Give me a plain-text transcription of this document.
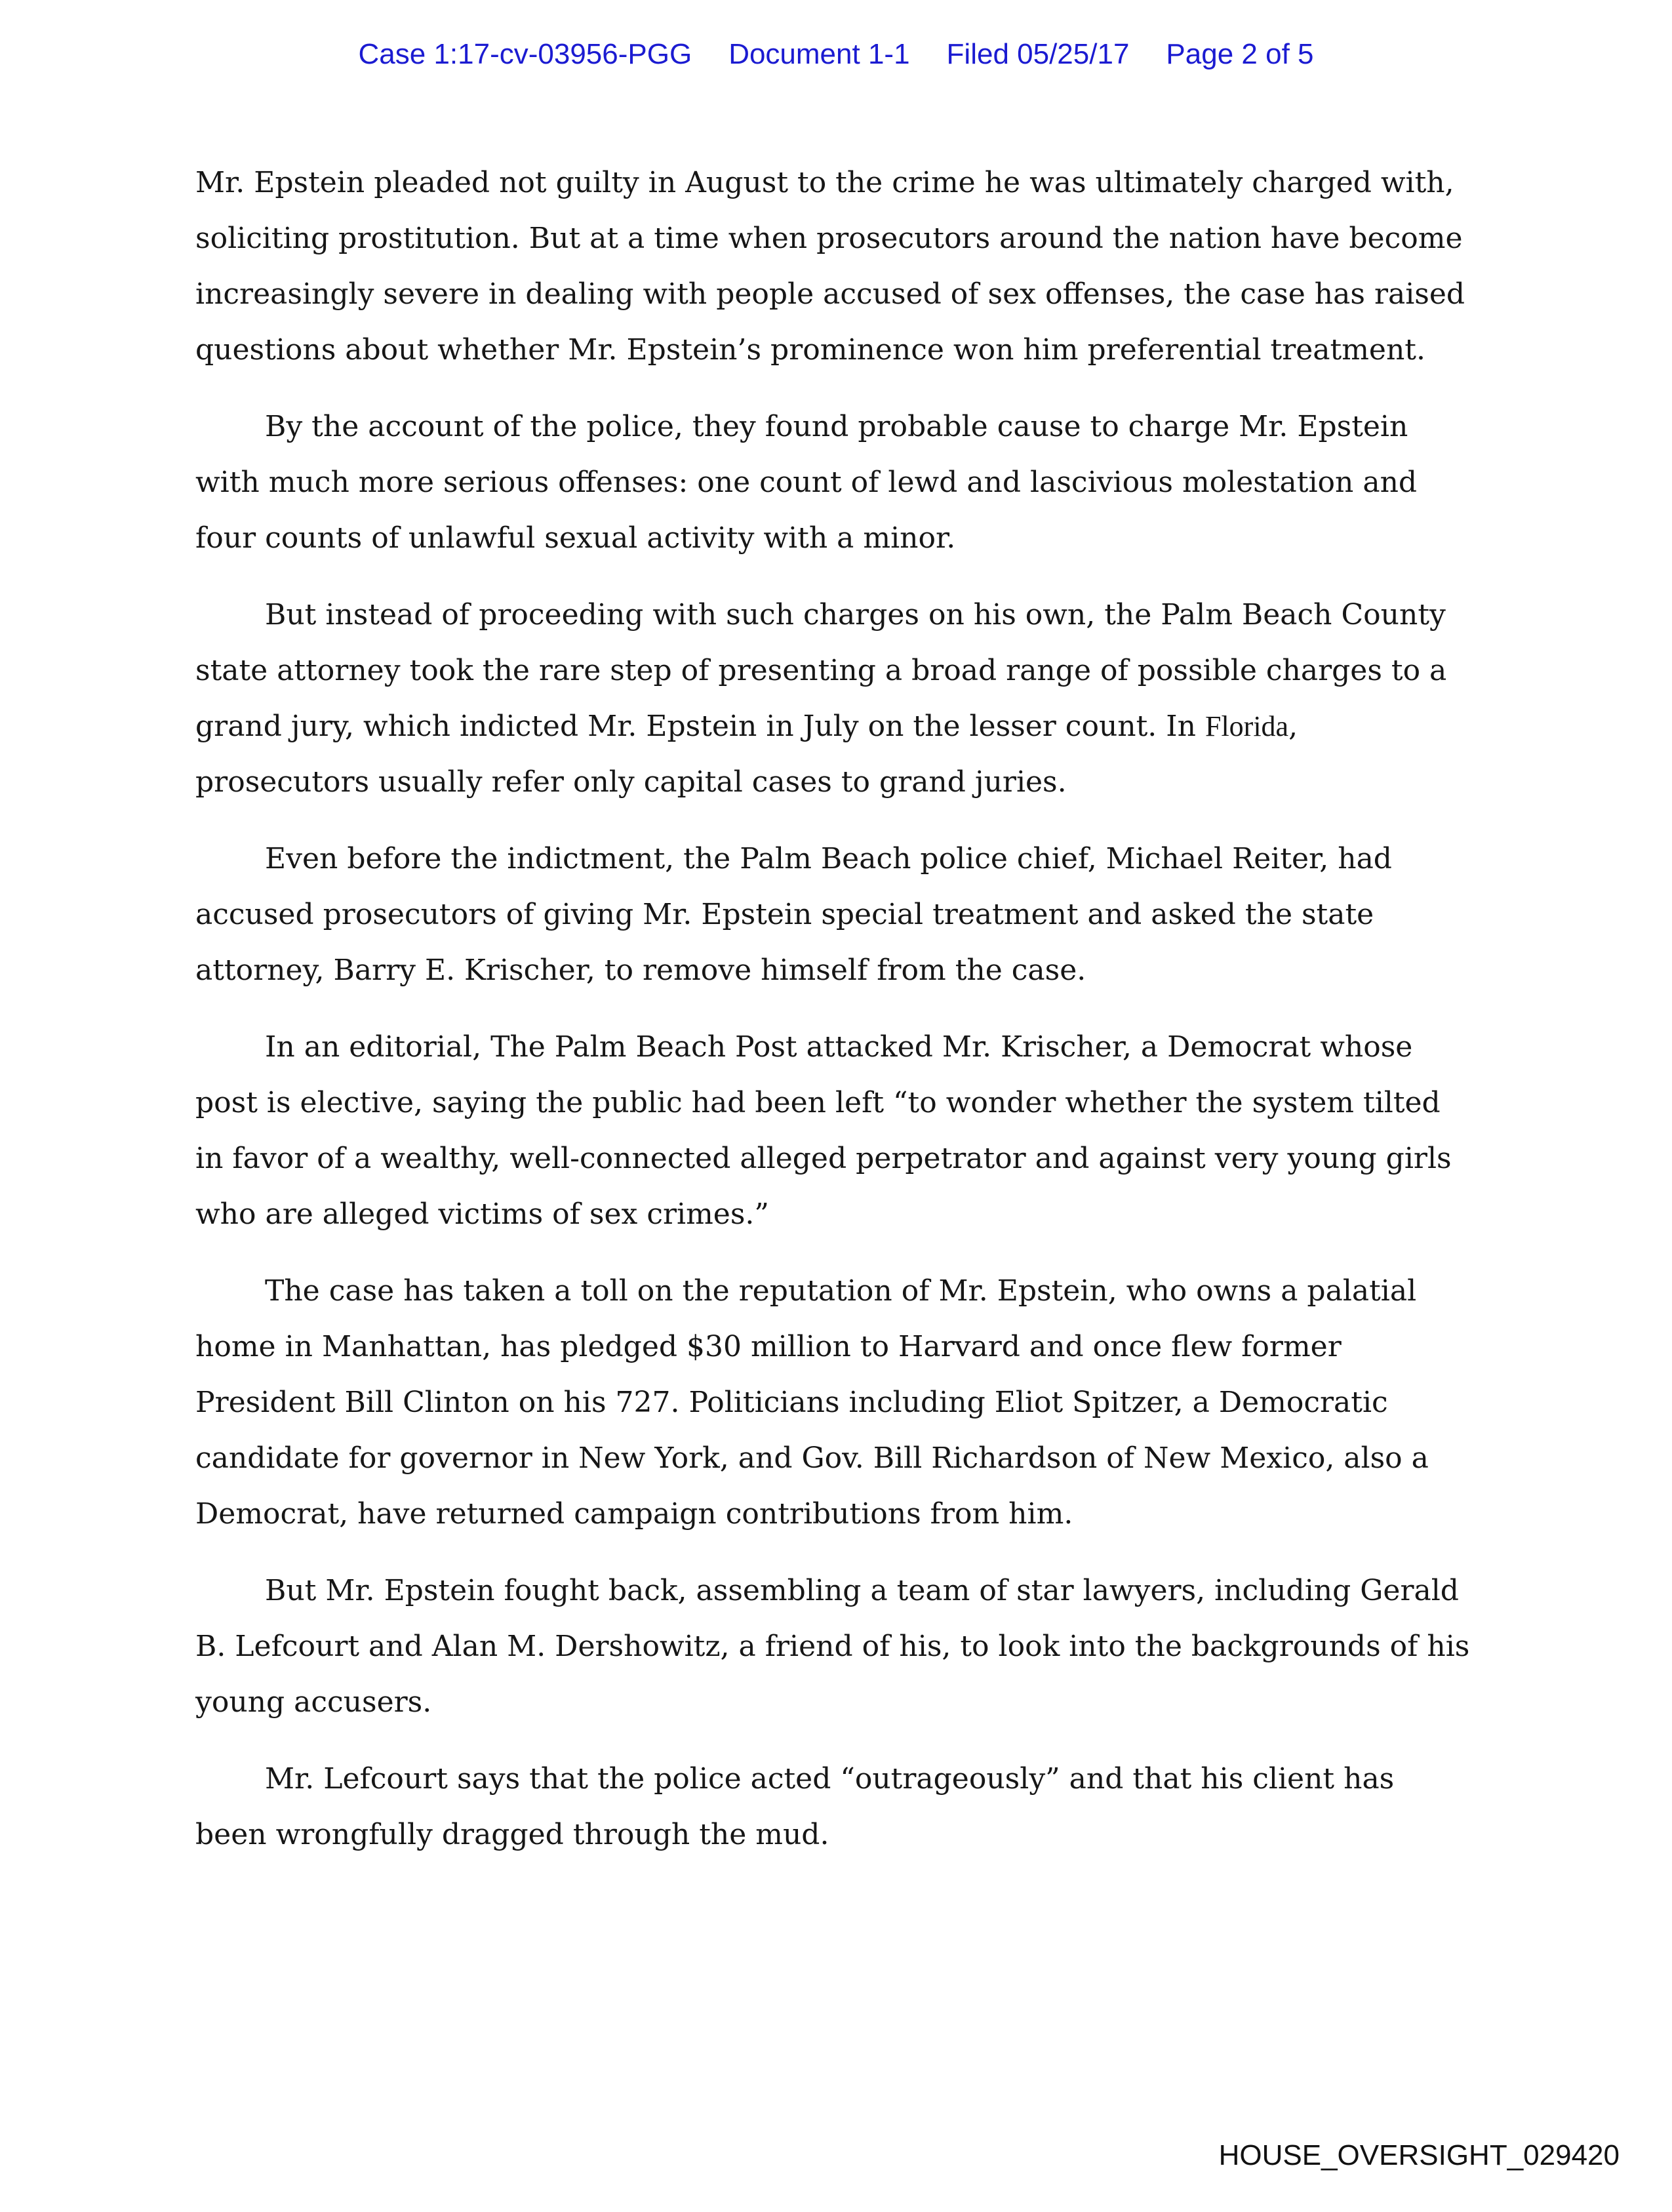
Case 1:17-cv-03956-PGG Document 1-1 Filed 05/25/17 Page 2 of 5

Mr. Epstein pleaded not guilty in August to the crime he was ultimately charged with, soliciting prostitution. But at a time when prosecutors around the nation have become increasingly severe in dealing with people accused of sex offenses, the case has raised questions about whether Mr. Epstein’s prominence won him preferential treatment.

By the account of the police, they found probable cause to charge Mr. Epstein with much more serious offenses: one count of lewd and lascivious molestation and four counts of unlawful sexual activity with a minor.

But instead of proceeding with such charges on his own, the Palm Beach County state attorney took the rare step of presenting a broad range of possible charges to a grand jury, which indicted Mr. Epstein in July on the lesser count. In Florida, prosecutors usually refer only capital cases to grand juries.

Even before the indictment, the Palm Beach police chief, Michael Reiter, had accused prosecutors of giving Mr. Epstein special treatment and asked the state attorney, Barry E. Krischer, to remove himself from the case.

In an editorial, The Palm Beach Post attacked Mr. Krischer, a Democrat whose post is elective, saying the public had been left “to wonder whether the system tilted in favor of a wealthy, well-connected alleged perpetrator and against very young girls who are alleged victims of sex crimes.”

The case has taken a toll on the reputation of Mr. Epstein, who owns a palatial home in Manhattan, has pledged $30 million to Harvard and once flew former President Bill Clinton on his 727. Politicians including Eliot Spitzer, a Democratic candidate for governor in New York, and Gov. Bill Richardson of New Mexico, also a Democrat, have returned campaign contributions from him.

But Mr. Epstein fought back, assembling a team of star lawyers, including Gerald B. Lefcourt and Alan M. Dershowitz, a friend of his, to look into the backgrounds of his young accusers.

Mr. Lefcourt says that the police acted “outrageously” and that his client has been wrongfully dragged through the mud.

HOUSE_OVERSIGHT_029420
